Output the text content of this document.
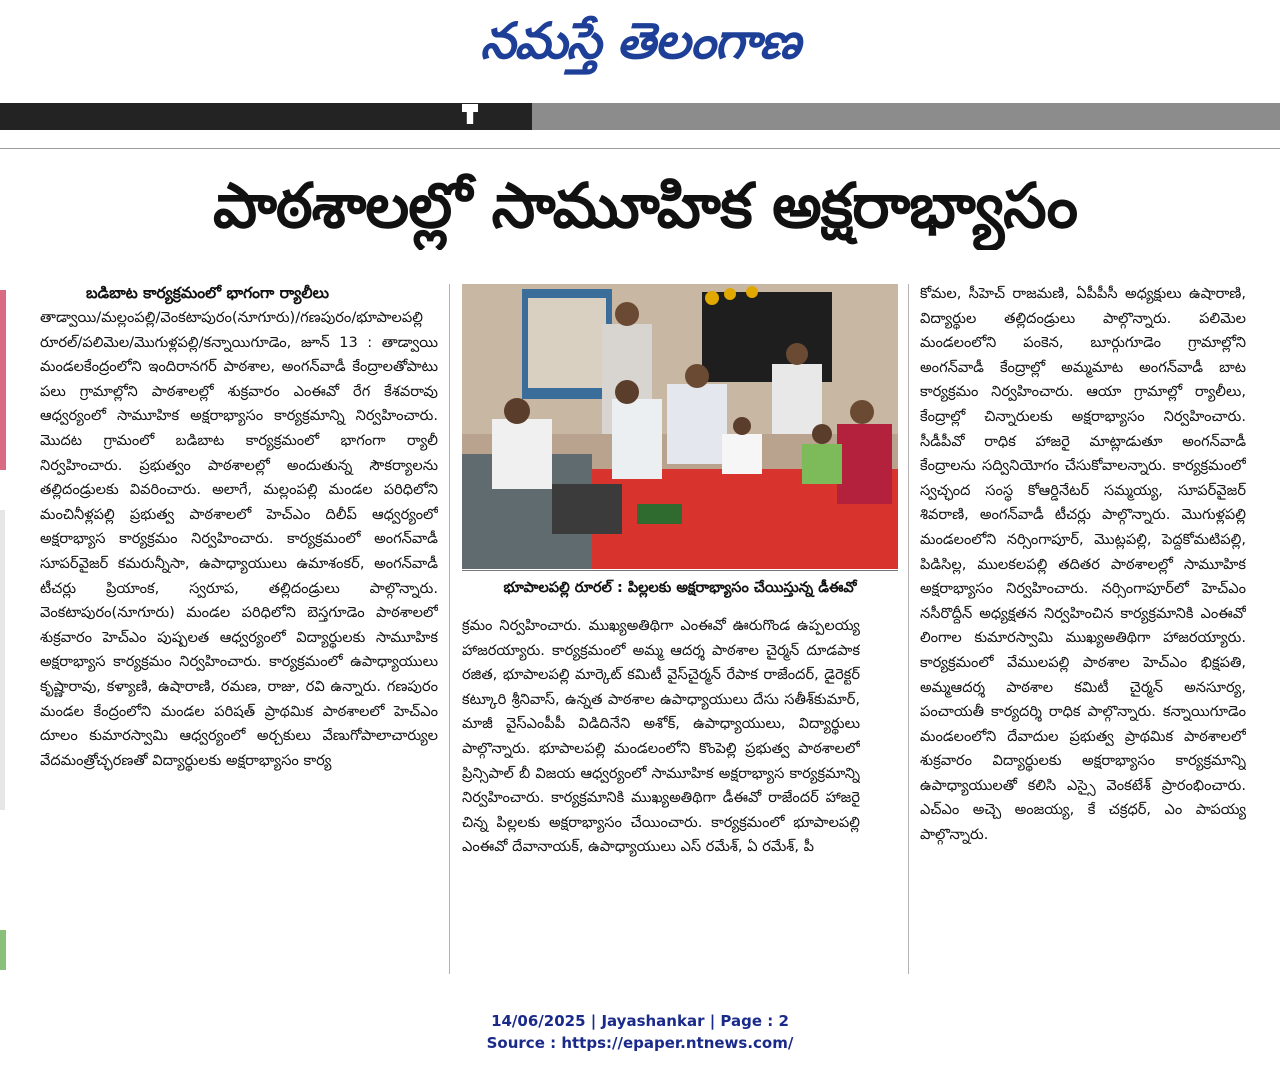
నమస్తే తెలంగాణ
పాఠశాలల్లో సామూహిక అక్షరాభ్యాసం
బడిబాట కార్యక్రమంలో భాగంగా ర్యాలీలు

తాడ్వాయి/మల్లంపల్లి/వెంకటాపురం(నూగూరు)/గణపురం/భూపాలపల్లి రూరల్/పలిమెల/మొగుళ్లపల్లి/కన్నాయిగూడెం, జూన్ 13 : తాడ్వాయి మండలకేంద్రంలోని ఇందిరానగర్ పాఠశాల, అంగన్‌వాడీ కేంద్రాలతోపాటు పలు గ్రామాల్లోని పాఠశాలల్లో శుక్రవారం ఎంఈవో రేగ కేశవరావు ఆధ్వర్యంలో సామూహిక అక్షరాభ్యాసం కార్యక్రమాన్ని నిర్వహించారు. మొదట గ్రామంలో బడిబాట కార్యక్రమంలో భాగంగా ర్యాలీ నిర్వహించారు. ప్రభుత్వం పాఠశాలల్లో అందుతున్న సౌకర్యాలను తల్లిదండ్రులకు వివరించారు. అలాగే, మల్లంపల్లి మండల పరిధిలోని మంచినీళ్లపల్లి ప్రభుత్వ పాఠశాలలో హెచ్ఎం దిలీప్ ఆధ్వర్యంలో అక్షరాభ్యాస కార్యక్రమం నిర్వహించారు. కార్యక్రమంలో అంగన్‌వాడీ సూపర్‌వైజర్ కమరున్నీసా, ఉపాధ్యాయులు ఉమాశంకర్, అంగన్‌వాడీ టీచర్లు ప్రియాంక, స్వరూప, తల్లిదండ్రులు పాల్గొన్నారు. వెంకటాపురం(నూగూరు) మండల పరిధిలోని బెస్తగూడెం పాఠశాలలో శుక్రవారం హెచ్ఎం పుష్పలత ఆధ్వర్యంలో విద్యార్థులకు సామూహిక అక్షరాభ్యాస కార్యక్రమం నిర్వహించారు. కార్యక్రమంలో ఉపాధ్యాయులు కృష్ణారావు, కళ్యాణి, ఉషారాణి, రమణ, రాజు, రవి ఉన్నారు. గణపురం మండల కేంద్రంలోని మండల పరిషత్ ప్రాథమిక పాఠశాలలో హెచ్ఎం దూలం కుమారస్వామి ఆధ్వర్యంలో అర్చకులు వేణుగోపాలాచార్యుల వేదమంత్రోచ్ఛరణతో విద్యార్థులకు అక్షరాభ్యాసం కార్య

భూపాలపల్లి రూరల్ : పిల్లలకు అక్షరాభ్యాసం చేయిస్తున్న డీఈవో

క్రమం నిర్వహించారు. ముఖ్యఅతిథిగా ఎంఈవో ఊరుగొండ ఉప్పలయ్య హాజరయ్యారు. కార్యక్రమంలో అమ్మ ఆదర్శ పాఠశాల చైర్మన్ దూడపాక రజిత, భూపాలపల్లి మార్కెట్ కమిటీ వైస్‌చైర్మన్ రేపాక రాజేందర్, డైరెక్టర్ కట్కూరి శ్రీనివాస్, ఉన్నత పాఠశాల ఉపాధ్యాయులు దేసు సతీశ్‌కుమార్, మాజీ వైస్‌ఎంపీపీ విడిదినేని అశోక్, ఉపాధ్యాయులు, విద్యార్థులు పాల్గొన్నారు. భూపాలపల్లి మండలంలోని కొంపెల్లి ప్రభుత్వ పాఠశాలలో ప్రిన్సిపాల్ బీ విజయ ఆధ్వర్యంలో సామూహిక అక్షరాభ్యాస కార్యక్రమాన్ని నిర్వహించారు. కార్యక్రమానికి ముఖ్యఅతిథిగా డీఈవో రాజేందర్ హాజరై చిన్న పిల్లలకు అక్షరాభ్యాసం చేయించారు. కార్యక్రమంలో భూపాలపల్లి ఎంఈవో దేవానాయక్, ఉపాధ్యాయులు ఎస్ రమేశ్, ఏ రమేశ్, పీ

కోమల, సీహెచ్ రాజమణి, ఏపీపీసీ అధ్యక్షులు ఉషారాణి, విద్యార్థుల తల్లిదండ్రులు పాల్గొన్నారు. పలిమెల మండలంలోని పంకెన, బూర్గుగూడెం గ్రామాల్లోని అంగన్‌వాడీ కేంద్రాల్లో అమ్మమాట అంగన్‌వాడీ బాట కార్యక్రమం నిర్వహించారు. ఆయా గ్రామాల్లో ర్యాలీలు, కేంద్రాల్లో చిన్నారులకు అక్షరాభ్యాసం నిర్వహించారు. సీడీపీవో రాధిక హాజరై మాట్లాడుతూ అంగన్‌వాడీ కేంద్రాలను సద్వినియోగం చేసుకోవాలన్నారు. కార్యక్రమంలో స్వచ్ఛంద సంస్థ కోఆర్డినేటర్ సమ్మయ్య, సూపర్‌వైజర్ శివరాణి, అంగన్‌వాడీ టీచర్లు పాల్గొన్నారు. మొగుళ్లపల్లి మండలంలోని నర్సింగాపూర్, మొట్లపల్లి, పెద్దకోమటిపల్లి, పిడిసిల్ల, ములకలపల్లి తదితర పాఠశాలల్లో సామూహిక అక్షరాభ్యాసం నిర్వహించారు. నర్సింగాపూర్‌లో హెచ్ఎం నసీరొద్దీన్ అధ్యక్షతన నిర్వహించిన కార్యక్రమానికి ఎంఈవో లింగాల కుమారస్వామి ముఖ్యఅతిథిగా హాజరయ్యారు. కార్యక్రమంలో వేములపల్లి పాఠశాల హెచ్ఎం భిక్షపతి, అమ్మఆదర్శ పాఠశాల కమిటీ చైర్మన్ అనసూర్య, పంచాయతీ కార్యదర్శి రాధిక పాల్గొన్నారు. కన్నాయిగూడెం మండలంలోని దేవాదుల ప్రభుత్వ ప్రాథమిక పాఠశాలలో శుక్రవారం విద్యార్థులకు అక్షరాభ్యాసం కార్యక్రమాన్ని ఉపాధ్యాయులతో కలిసి ఎస్సై వెంకటేశ్ ప్రారంభించారు. ఎచ్ఎం అచ్చె అంజయ్య, కే చక్రధర్, ఎం పాపయ్య పాల్గొన్నారు.

14/06/2025 | Jayashankar | Page : 2
Source : https://epaper.ntnews.com/
